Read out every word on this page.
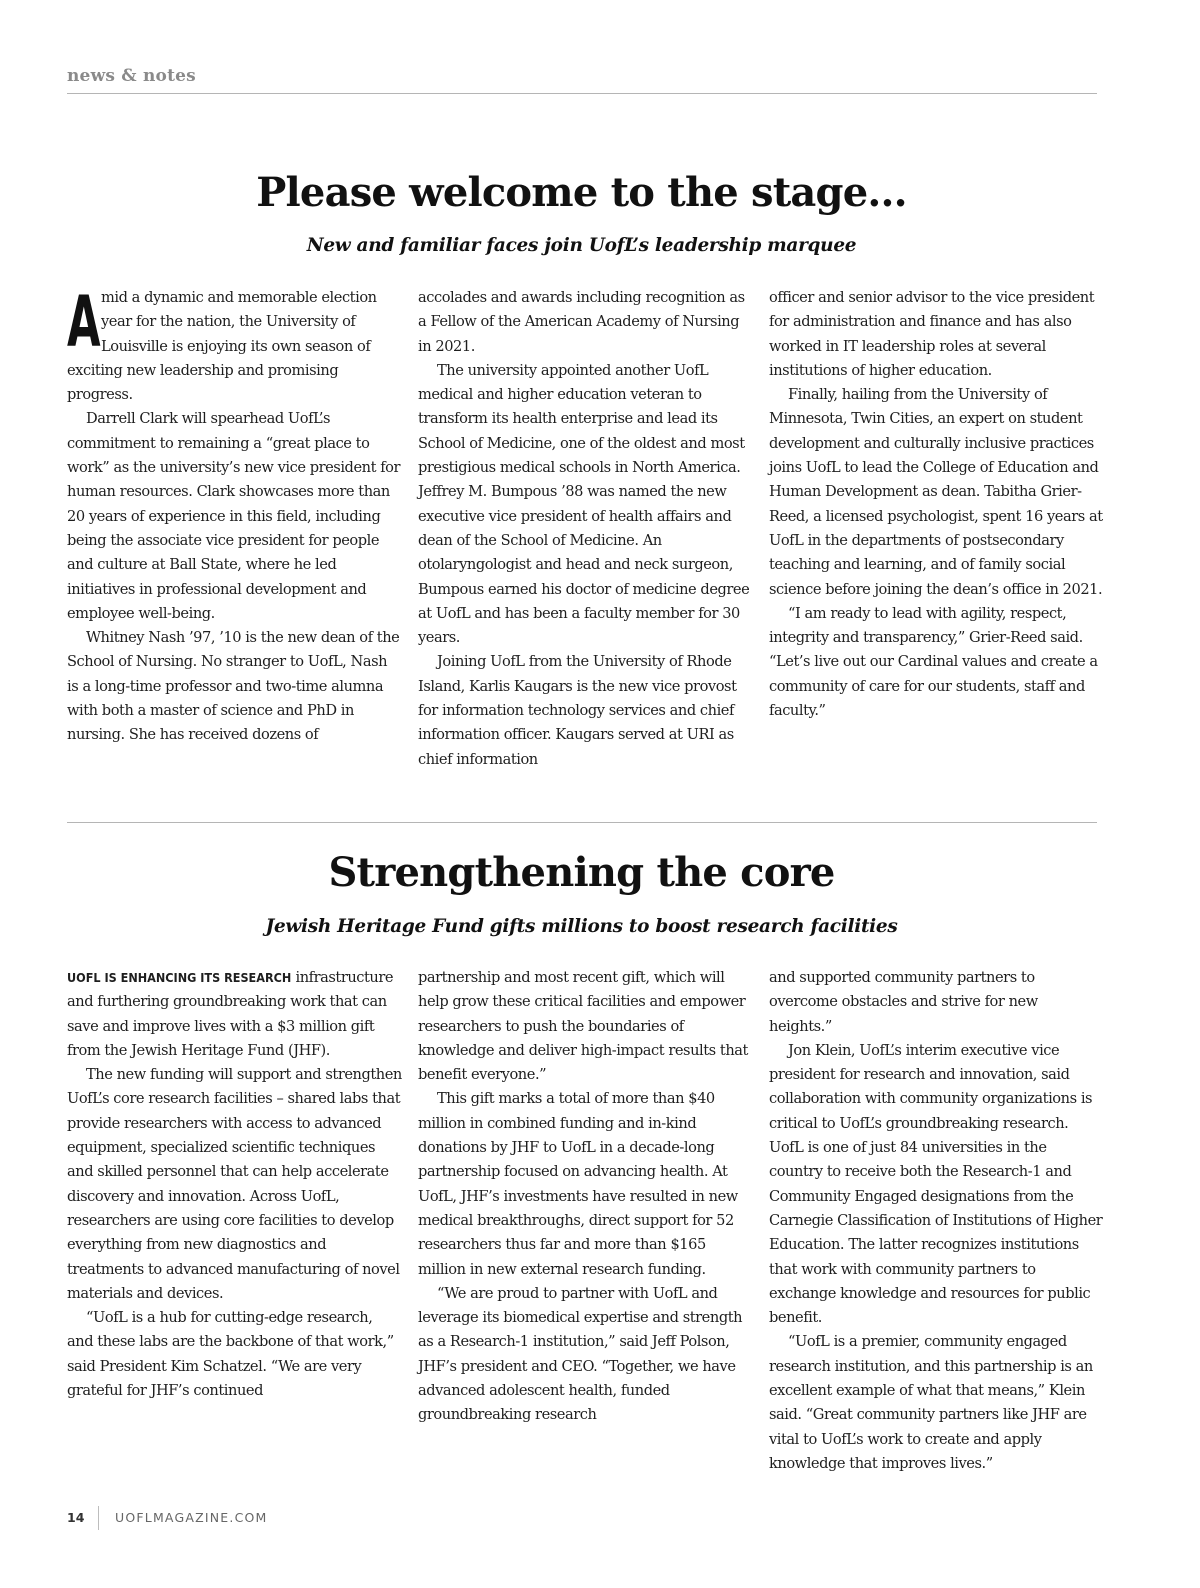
news & notes
Please welcome to the stage...
New and familiar faces join UofL’s leadership marquee

Amid a dynamic and memorable election year for the nation, the University of Louisville is enjoying its own season of exciting new leadership and promising progress.

Darrell Clark will spearhead UofL’s commitment to remaining a “great place to work” as the university’s new vice president for human resources. Clark showcases more than 20 years of experience in this field, including being the associate vice president for people and culture at Ball State, where he led initiatives in professional development and employee well-being.

Whitney Nash ’97, ’10 is the new dean of the School of Nursing. No stranger to UofL, Nash is a long-time professor and two-time alumna with both a master of science and PhD in nursing. She has received dozens of

accolades and awards including recognition as a Fellow of the American Academy of Nursing in 2021.

The university appointed another UofL medical and higher education veteran to transform its health enterprise and lead its School of Medicine, one of the oldest and most prestigious medical schools in North America. Jeffrey M. Bumpous ’88 was named the new executive vice president of health affairs and dean of the School of Medicine. An otolaryngologist and head and neck surgeon, Bumpous earned his doctor of medicine degree at UofL and has been a faculty member for 30 years.

Joining UofL from the University of Rhode Island, Karlis Kaugars is the new vice provost for information technology services and chief information officer. Kaugars served at URI as chief information

officer and senior advisor to the vice president for administration and finance and has also worked in IT leadership roles at several institutions of higher education.

Finally, hailing from the University of Minnesota, Twin Cities, an expert on student development and culturally inclusive practices joins UofL to lead the College of Education and Human Development as dean. Tabitha Grier-Reed, a licensed psychologist, spent 16 years at UofL in the departments of postsecondary teaching and learning, and of family social science before joining the dean’s office in 2021.

“I am ready to lead with agility, respect, integrity and transparency,” Grier-Reed said. “Let’s live out our Cardinal values and create a community of care for our students, staff and faculty.”

Strengthening the core
Jewish Heritage Fund gifts millions to boost research facilities

UOFL IS ENHANCING ITS RESEARCH infrastructure and furthering groundbreaking work that can save and improve lives with a $3 million gift from the Jewish Heritage Fund (JHF).

The new funding will support and strengthen UofL’s core research facilities – shared labs that provide researchers with access to advanced equipment, specialized scientific techniques and skilled personnel that can help accelerate discovery and innovation. Across UofL, researchers are using core facilities to develop everything from new diagnostics and treatments to advanced manufacturing of novel materials and devices.

“UofL is a hub for cutting-edge research, and these labs are the backbone of that work,” said President Kim Schatzel. “We are very grateful for JHF’s continued

partnership and most recent gift, which will help grow these critical facilities and empower researchers to push the boundaries of knowledge and deliver high-impact results that benefit everyone.”

This gift marks a total of more than $40 million in combined funding and in-kind donations by JHF to UofL in a decade-long partnership focused on advancing health. At UofL, JHF’s investments have resulted in new medical breakthroughs, direct support for 52 researchers thus far and more than $165 million in new external research funding.

“We are proud to partner with UofL and leverage its biomedical expertise and strength as a Research-1 institution,” said Jeff Polson, JHF’s president and CEO. “Together, we have advanced adolescent health, funded groundbreaking research

and supported community partners to overcome obstacles and strive for new heights.”

Jon Klein, UofL’s interim executive vice president for research and innovation, said collaboration with community organizations is critical to UofL’s groundbreaking research. UofL is one of just 84 universities in the country to receive both the Research-1 and Community Engaged designations from the Carnegie Classification of Institutions of Higher Education. The latter recognizes institutions that work with community partners to exchange knowledge and resources for public benefit.

“UofL is a premier, community engaged research institution, and this partnership is an excellent example of what that means,” Klein said. “Great community partners like JHF are vital to UofL’s work to create and apply knowledge that improves lives.”

14 UOFLMAGAZINE.COM
